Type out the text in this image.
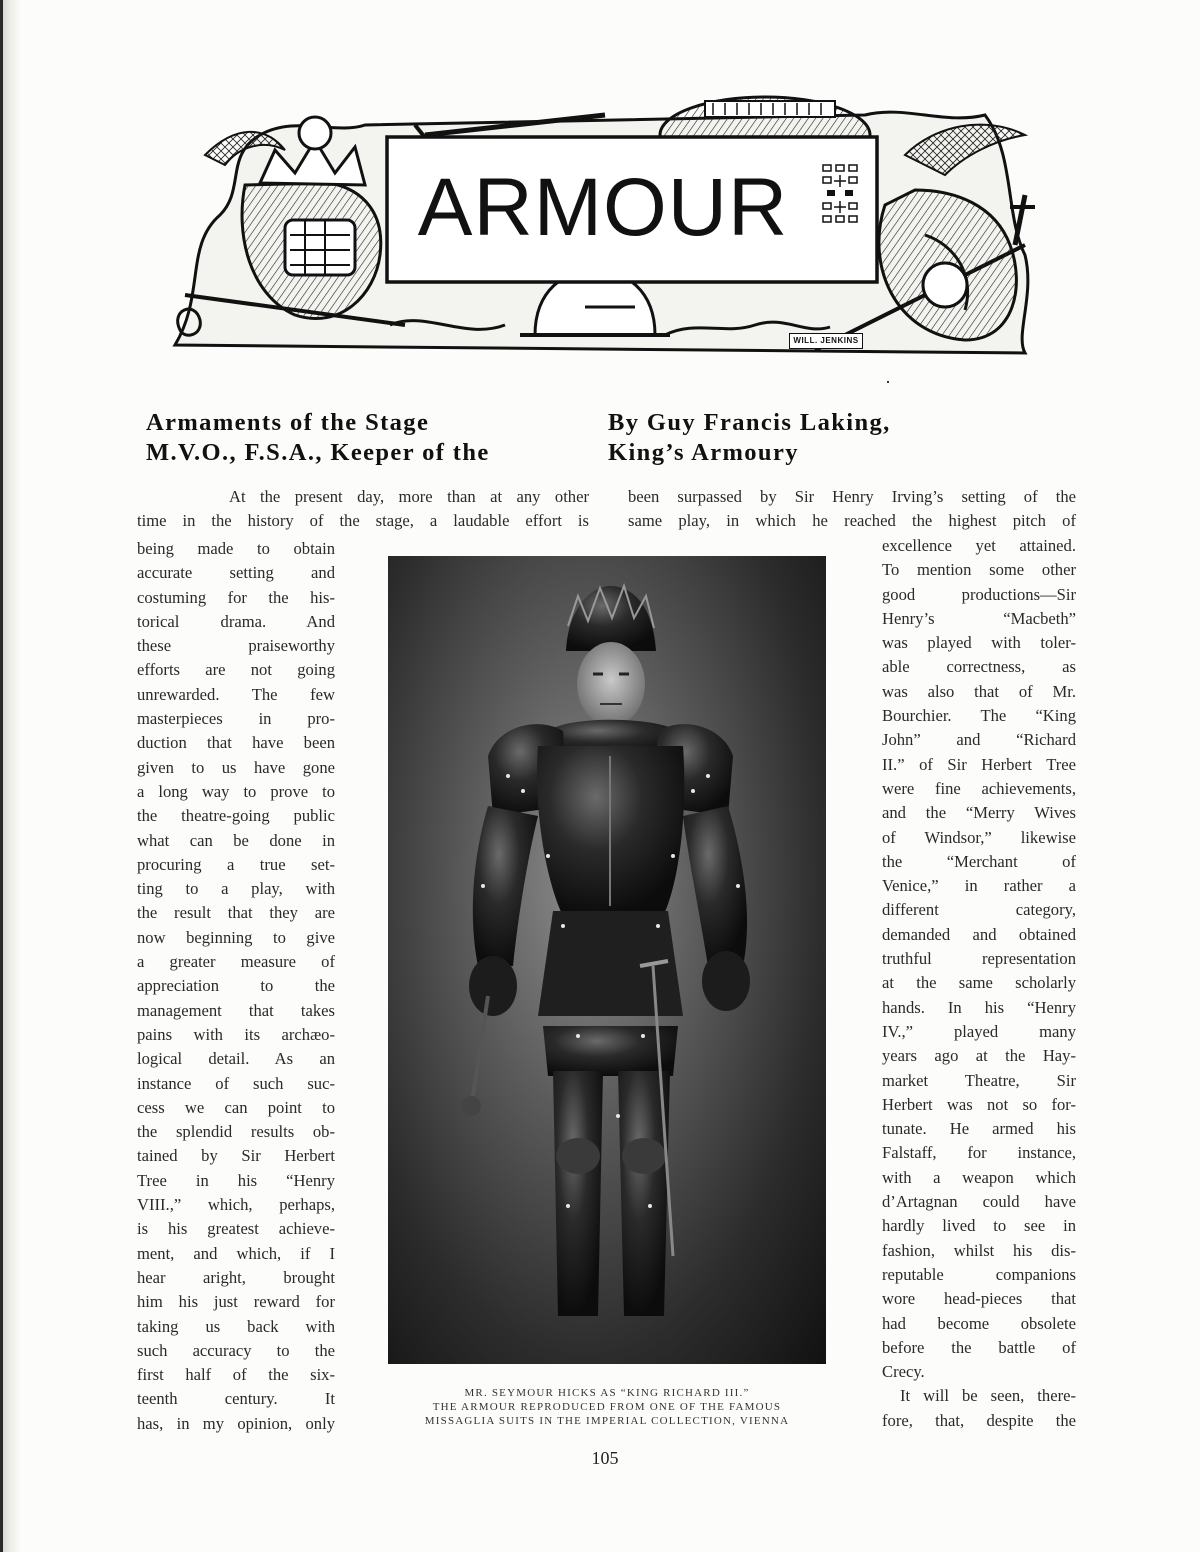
ARMOUR
WILL. JENKINS
Armaments of the Stage	By Guy Francis Laking,
M.V.O., F.S.A., Keeper of the	King’s Armoury
At the present day, more than at any other
time in the history of the stage, a laudable effort is
been surpassed by Sir Henry Irving’s setting of the
same play, in which he reached the highest pitch of
being made to obtain
accurate setting and
costuming for the his-
torical drama. And
these praiseworthy
efforts are not going
unrewarded. The few
masterpieces in pro-
duction that have been
given to us have gone
a long way to prove to
the theatre-going public
what can be done in
procuring a true set-
ting to a play, with
the result that they are
now beginning to give
a greater measure of
appreciation to the
management that takes
pains with its archæo-
logical detail. As an
instance of such suc-
cess we can point to
the splendid results ob-
tained by Sir Herbert
Tree in his “Henry
VIII.,” which, perhaps,
is his greatest achieve-
ment, and which, if I
hear aright, brought
him his just reward for
taking us back with
such accuracy to the
first half of the six-
teenth century. It
has, in my opinion, only
excellence yet attained.
To mention some other
good productions—Sir
Henry’s “Macbeth”
was played with toler-
able correctness, as
was also that of Mr.
Bourchier. The “King
John” and “Richard
II.” of Sir Herbert Tree
were fine achievements,
and the “Merry Wives
of Windsor,” likewise
the “Merchant of
Venice,” in rather a
different category,
demanded and obtained
truthful representation
at the same scholarly
hands. In his “Henry
IV.,” played many
years ago at the Hay-
market Theatre, Sir
Herbert was not so for-
tunate. He armed his
Falstaff, for instance,
with a weapon which
d’Artagnan could have
hardly lived to see in
fashion, whilst his dis-
reputable companions
wore head-pieces that
had become obsolete
before the battle of
Crecy.
It will be seen, there-
fore, that, despite the
MR. SEYMOUR HICKS AS “KING RICHARD III.”
THE ARMOUR REPRODUCED FROM ONE OF THE FAMOUS
MISSAGLIA SUITS IN THE IMPERIAL COLLECTION, VIENNA
105
